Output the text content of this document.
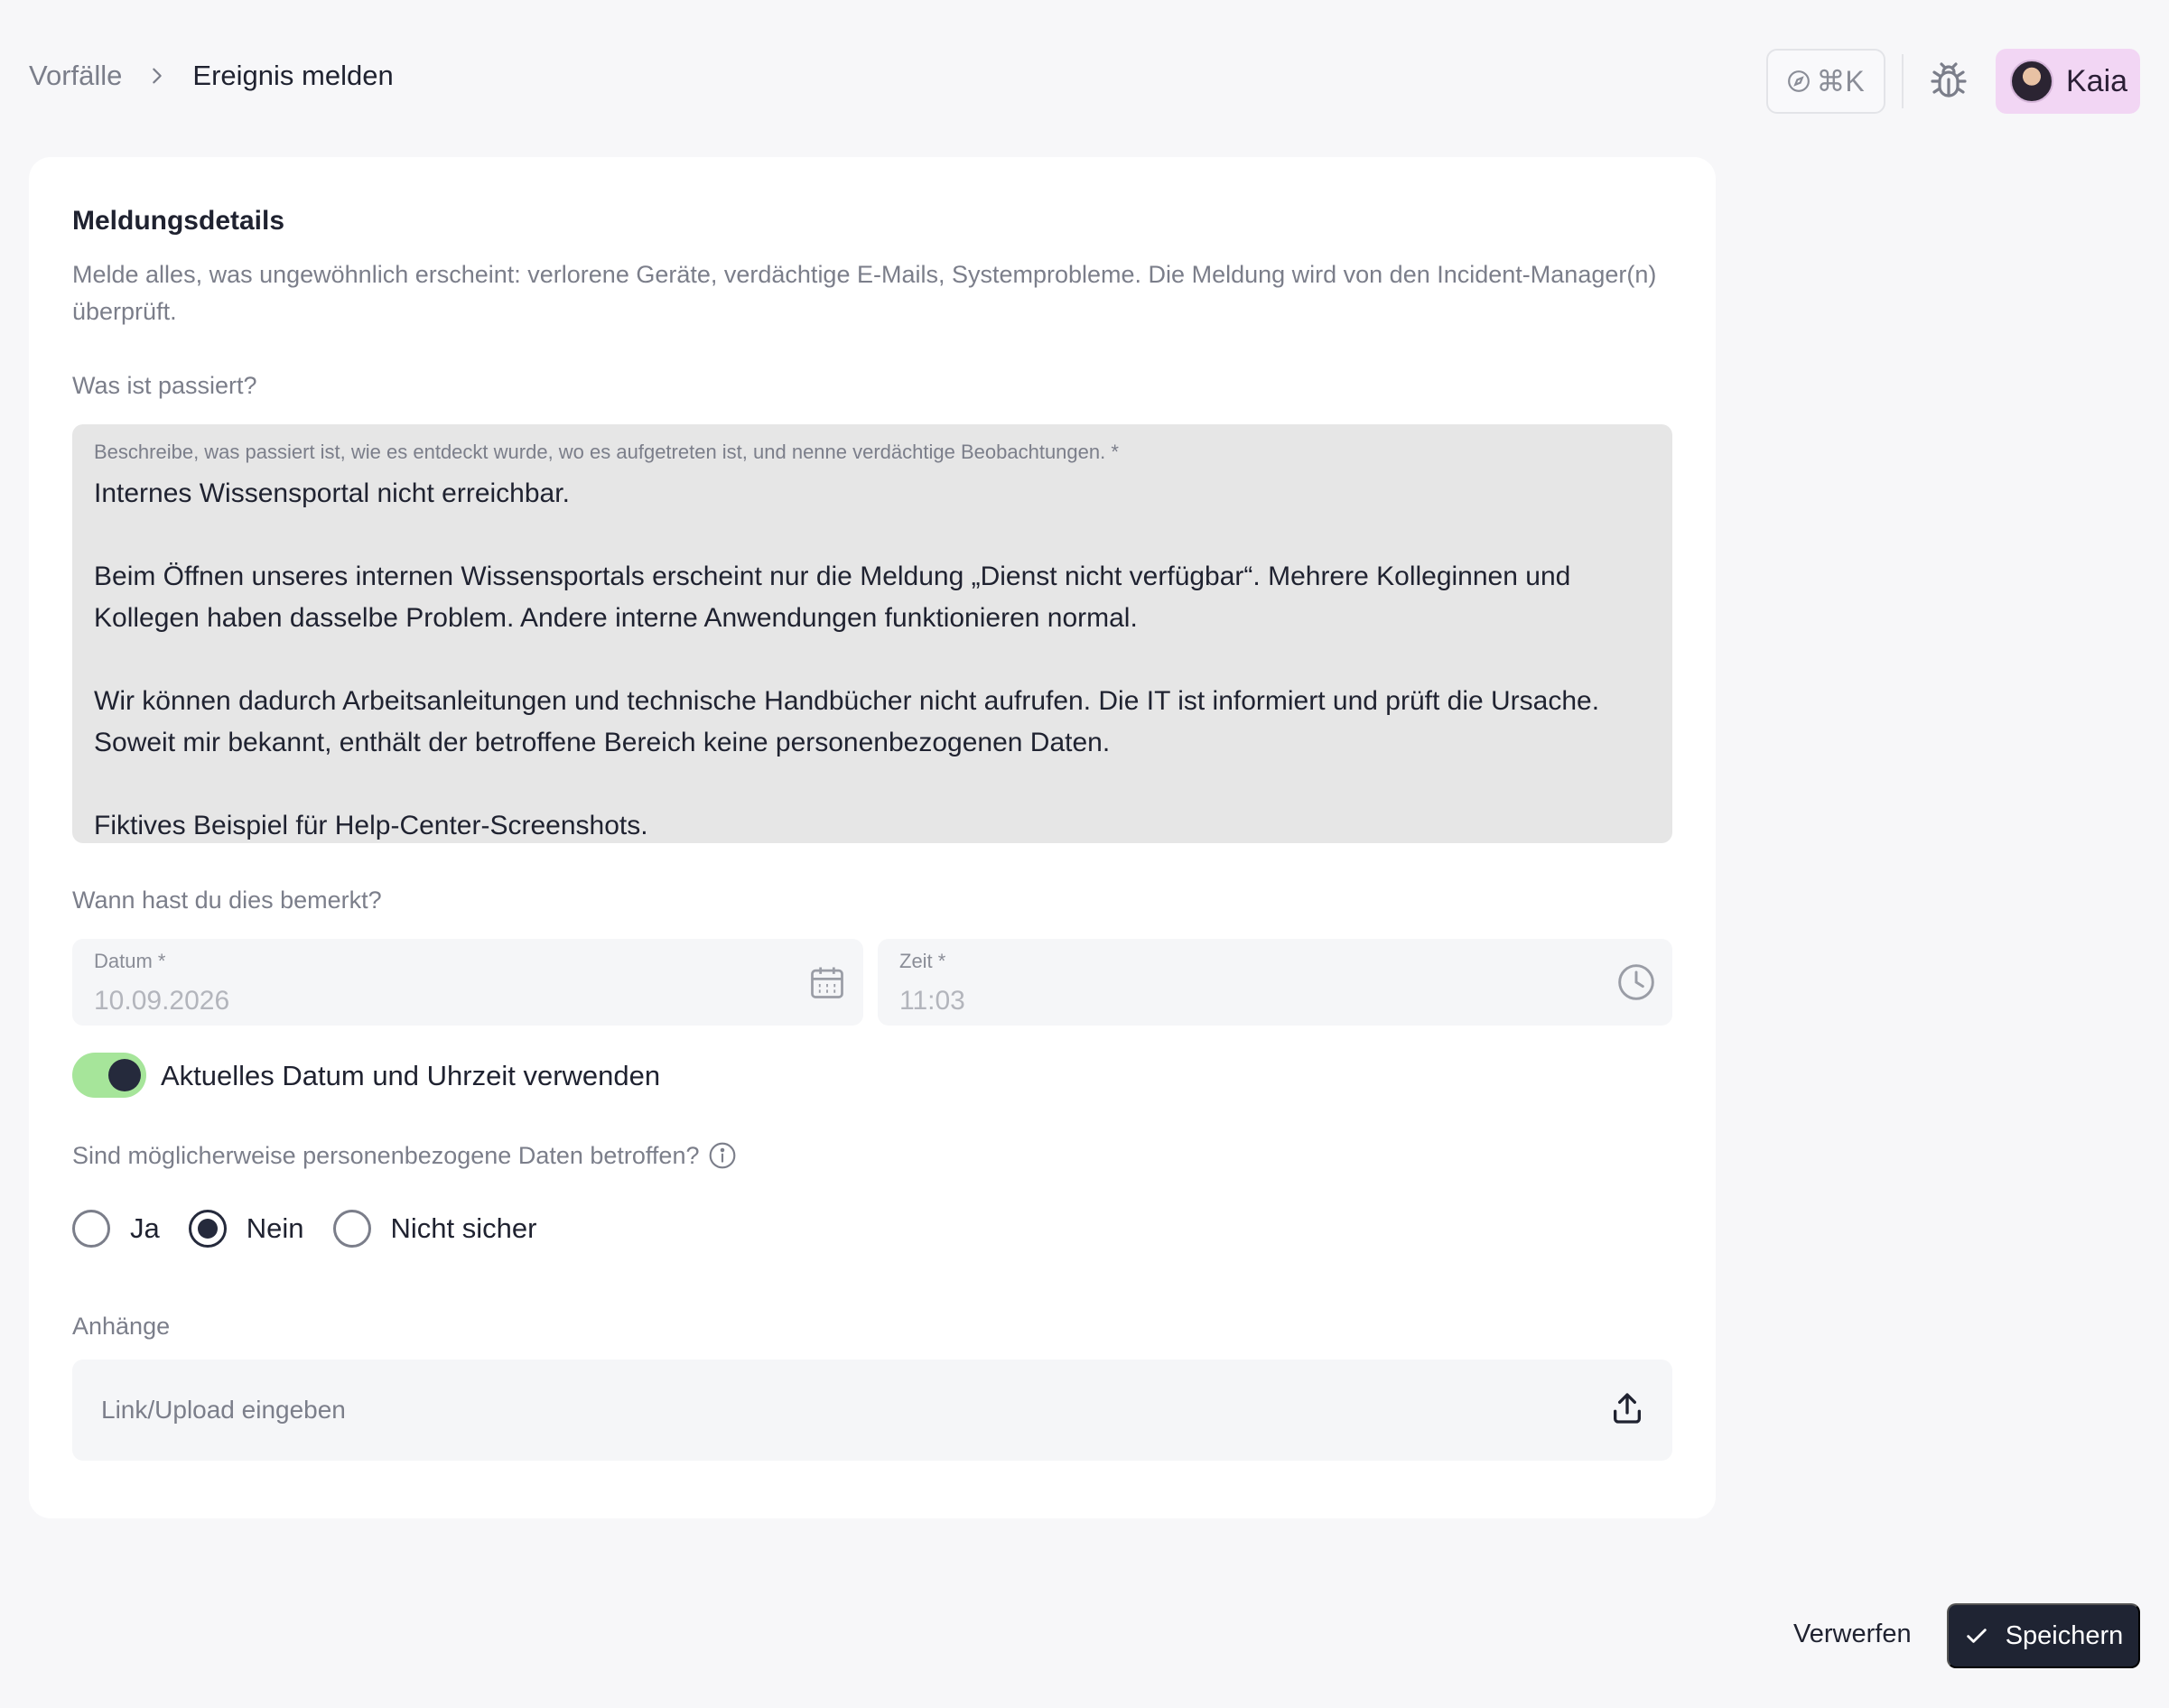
Vorfälle	Ereignis melden	⌘K	Kaia
Meldungsdetails

Melde alles, was ungewöhnlich erscheint: verlorene Geräte, verdächtige E-Mails, Systemprobleme. Die Meldung wird von den Incident-Manager(n) überprüft.

Was ist passiert?
Beschreibe, was passiert ist, wie es entdeckt wurde, wo es aufgetreten ist, und nenne verdächtige Beobachtungen. *

Internes Wissensportal nicht erreichbar.

Beim Öffnen unseres internen Wissensportals erscheint nur die Meldung „Dienst nicht verfügbar“. Mehrere Kolleginnen und Kollegen haben dasselbe Problem. Andere interne Anwendungen funktionieren normal.

Wir können dadurch Arbeitsanleitungen und technische Handbücher nicht aufrufen. Die IT ist informiert und prüft die Ursache. Soweit mir bekannt, enthält der betroffene Bereich keine personenbezogenen Daten.

Fiktives Beispiel für Help-Center-Screenshots.

Wann hast du dies bemerkt?
Datum *
10.09.2026
Zeit *
11:03
Aktuelles Datum und Uhrzeit verwenden
Sind möglicherweise personenbezogene Daten betroffen?
Ja	Nein	Nicht sicher
Anhänge
Link/Upload eingeben
Verwerfen	Speichern
